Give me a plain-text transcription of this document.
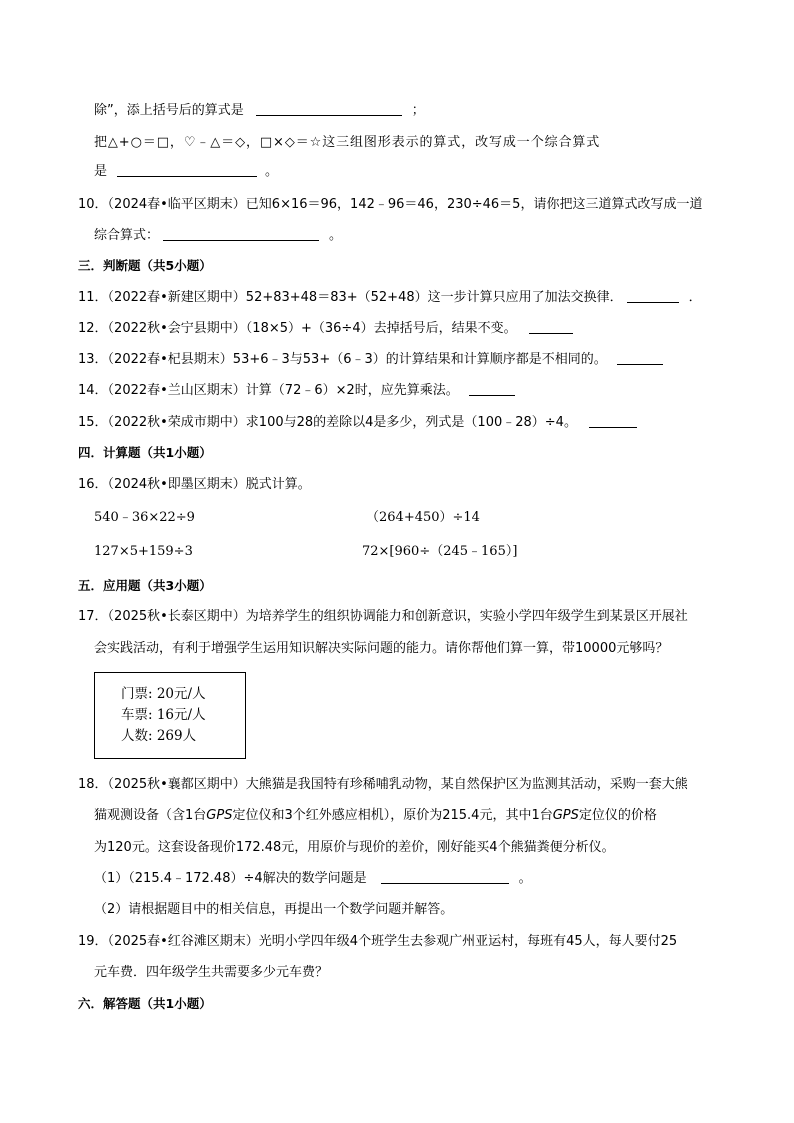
除”，添上括号后的算式是	；
把△+○＝□，♡﹣△＝◇，□×◇＝☆这三组图形表示的算式，改写成一个综合算式
是	。
10．（2024春•临平区期末）已知6×16＝96，142﹣96＝46，230÷46＝5，请你把这三道算式改写成一道
综合算式：	。
三．判断题（共5小题）
11．（2022春•新建区期中）52+83+48＝83+（52+48）这一步计算只应用了加法交换律．	．
12．（2022秋•会宁县期中）（18×5）+（36÷4）去掉括号后，结果不变。
13．（2022春•杞县期末）53+6﹣3与53+（6﹣3）的计算结果和计算顺序都是不相同的。
14．（2022春•兰山区期末）计算（72﹣6）×2时，应先算乘法。
15．（2022秋•荣成市期中）求100与28的差除以4是多少，列式是（100﹣28）÷4。
四．计算题（共1小题）
16．（2024秋•即墨区期末）脱式计算。
540﹣36×22÷9	（264+450）÷14
127×5+159÷3	72×[960÷（245﹣165）]
五．应用题（共3小题）
17．（2025秋•长泰区期中）为培养学生的组织协调能力和创新意识，实验小学四年级学生到某景区开展社
会实践活动，有利于增强学生运用知识解决实际问题的能力。请你帮他们算一算，带10000元够吗？
门票: 20元/人
车票: 16元/人
人数: 269人
18．（2025秋•襄都区期中）大熊猫是我国特有珍稀哺乳动物，某自然保护区为监测其活动，采购一套大熊
猫观测设备（含1台GPS定位仪和3个红外感应相机），原价为215.4元，其中1台GPS定位仪的价格
为120元。这套设备现价172.48元，用原价与现价的差价，刚好能买4个熊猫粪便分析仪。
（1）（215.4﹣172.48）÷4解决的数学问题是	。
（2）请根据题目中的相关信息，再提出一个数学问题并解答。
19．（2025春•红谷滩区期末）光明小学四年级4个班学生去参观广州亚运村，每班有45人，每人要付25
元车费．四年级学生共需要多少元车费？
六．解答题（共1小题）
